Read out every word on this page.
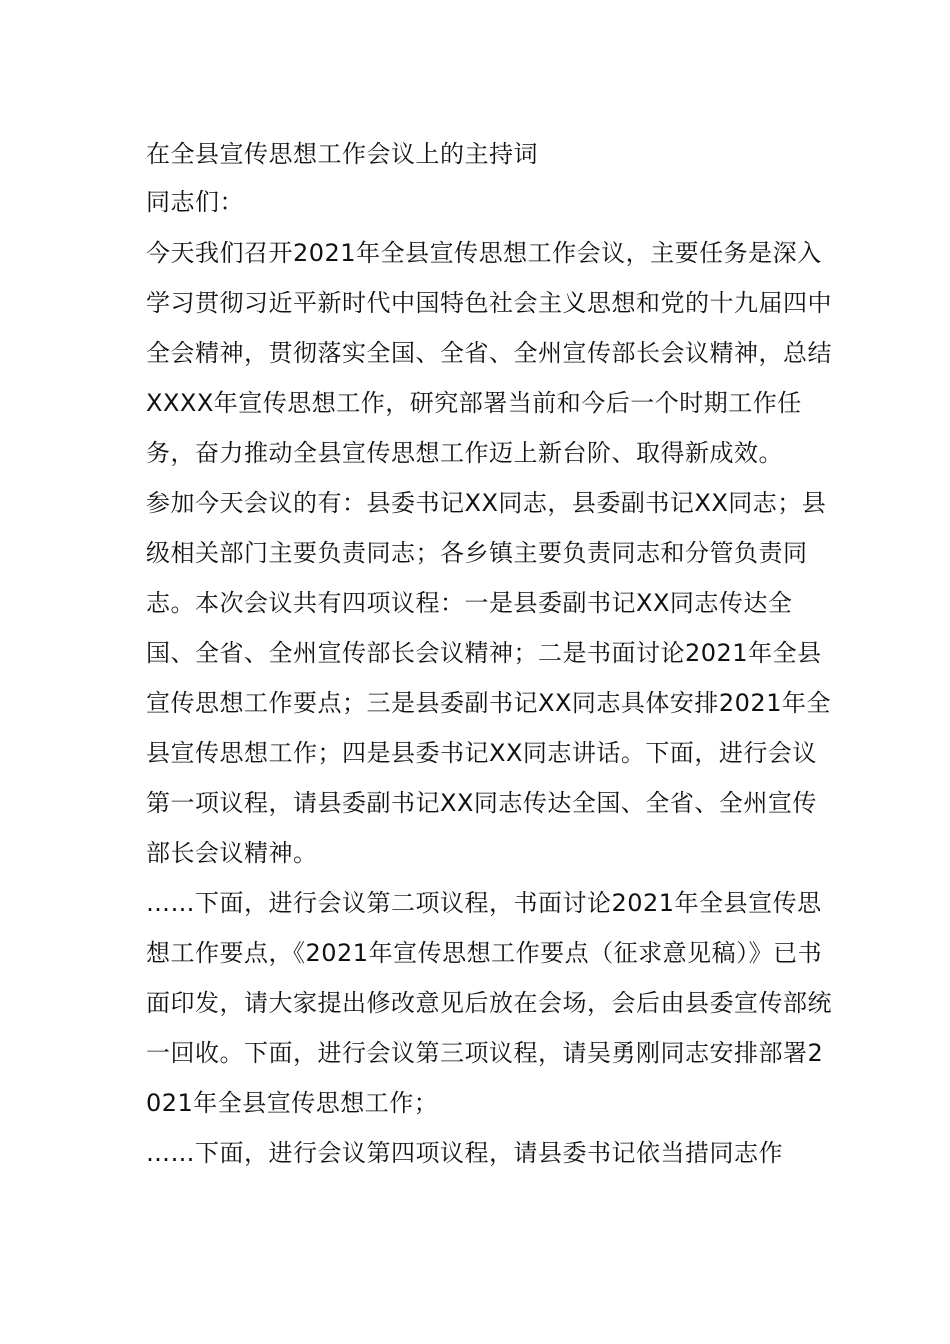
在全县宣传思想工作会议上的主持词

同志们：

今天我们召开2021年全县宣传思想工作会议，主要任务是深入学习贯彻习近平新时代中国特色社会主义思想和党的十九届四中全会精神，贯彻落实全国、全省、全州宣传部长会议精神，总结XXXX年宣传思想工作，研究部署当前和今后一个时期工作任务，奋力推动全县宣传思想工作迈上新台阶、取得新成效。

参加今天会议的有：县委书记XX同志，县委副书记XX同志；县级相关部门主要负责同志；各乡镇主要负责同志和分管负责同志。本次会议共有四项议程：一是县委副书记XX同志传达全国、全省、全州宣传部长会议精神；二是书面讨论2021年全县宣传思想工作要点；三是县委副书记XX同志具体安排2021年全县宣传思想工作；四是县委书记XX同志讲话。下面，进行会议第一项议程，请县委副书记XX同志传达全国、全省、全州宣传部长会议精神。

……下面，进行会议第二项议程，书面讨论2021年全县宣传思想工作要点，《2021年宣传思想工作要点（征求意见稿）》已书面印发，请大家提出修改意见后放在会场，会后由县委宣传部统一回收。下面，进行会议第三项议程，请吴勇刚同志安排部署2021年全县宣传思想工作；

……下面，进行会议第四项议程，请县委书记依当措同志作
